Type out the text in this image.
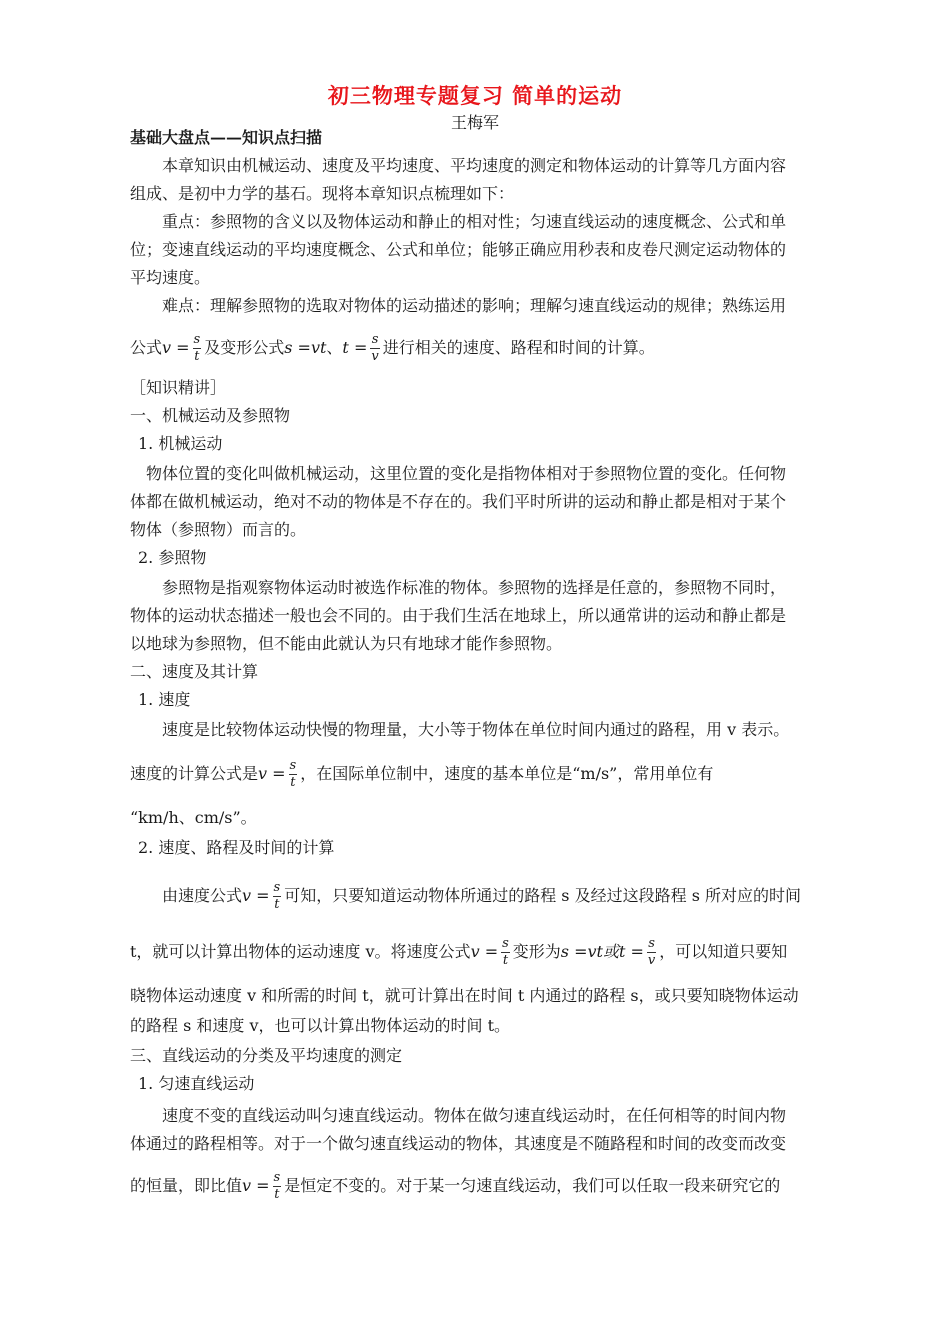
初三物理专题复习 简单的运动
王梅军
基础大盘点——知识点扫描
本章知识由机械运动、速度及平均速度、平均速度的测定和物体运动的计算等几方面内容
组成、是初中力学的基石。现将本章知识点梳理如下：
重点：参照物的含义以及物体运动和静止的相对性；匀速直线运动的速度概念、公式和单
位；变速直线运动的平均速度概念、公式和单位；能够正确应用秒表和皮卷尺测定运动物体的
平均速度。
难点：理解参照物的选取对物体的运动描述的影响；理解匀速直线运动的规律；熟练运用
公式$v = \frac{s}{t}$ 及变形公式s =vt、$t = \frac{s}{v}$ 进行相关的速度、路程和时间的计算。
［知识精讲］
一、机械运动及参照物
1. 机械运动
物体位置的变化叫做机械运动，这里位置的变化是指物体相对于参照物位置的变化。任何物
体都在做机械运动，绝对不动的物体是不存在的。我们平时所讲的运动和静止都是相对于某个
物体（参照物）而言的。
2. 参照物
参照物是指观察物体运动时被选作标准的物体。参照物的选择是任意的，参照物不同时，
物体的运动状态描述一般也会不同的。由于我们生活在地球上，所以通常讲的运动和静止都是
以地球为参照物，但不能由此就认为只有地球才能作参照物。
二、速度及其计算
1. 速度
速度是比较物体运动快慢的物理量，大小等于物体在单位时间内通过的路程，用 v 表示。
速度的计算公式是$v = \frac{s}{t}$ ，在国际单位制中，速度的基本单位是“m/s”，常用单位有
“km/h、cm/s”。
2. 速度、路程及时间的计算
由速度公式$v = \frac{s}{t}$ 可知，只要知道运动物体所通过的路程 s 及经过这段路程 s 所对应的时间
t，就可以计算出物体的运动速度 v。将速度公式$v = \frac{s}{t}$ 变形为s =vt或$t = \frac{s}{v}$ ，可以知道只要知
晓物体运动速度 v 和所需的时间 t，就可计算出在时间 t 内通过的路程 s，或只要知晓物体运动
的路程 s 和速度 v，也可以计算出物体运动的时间 t。
三、直线运动的分类及平均速度的测定
1. 匀速直线运动
速度不变的直线运动叫匀速直线运动。物体在做匀速直线运动时，在任何相等的时间内物
体通过的路程相等。对于一个做匀速直线运动的物体，其速度是不随路程和时间的改变而改变
的恒量，即比值$v = \frac{s}{t}$ 是恒定不变的。对于某一匀速直线运动，我们可以任取一段来研究它的
